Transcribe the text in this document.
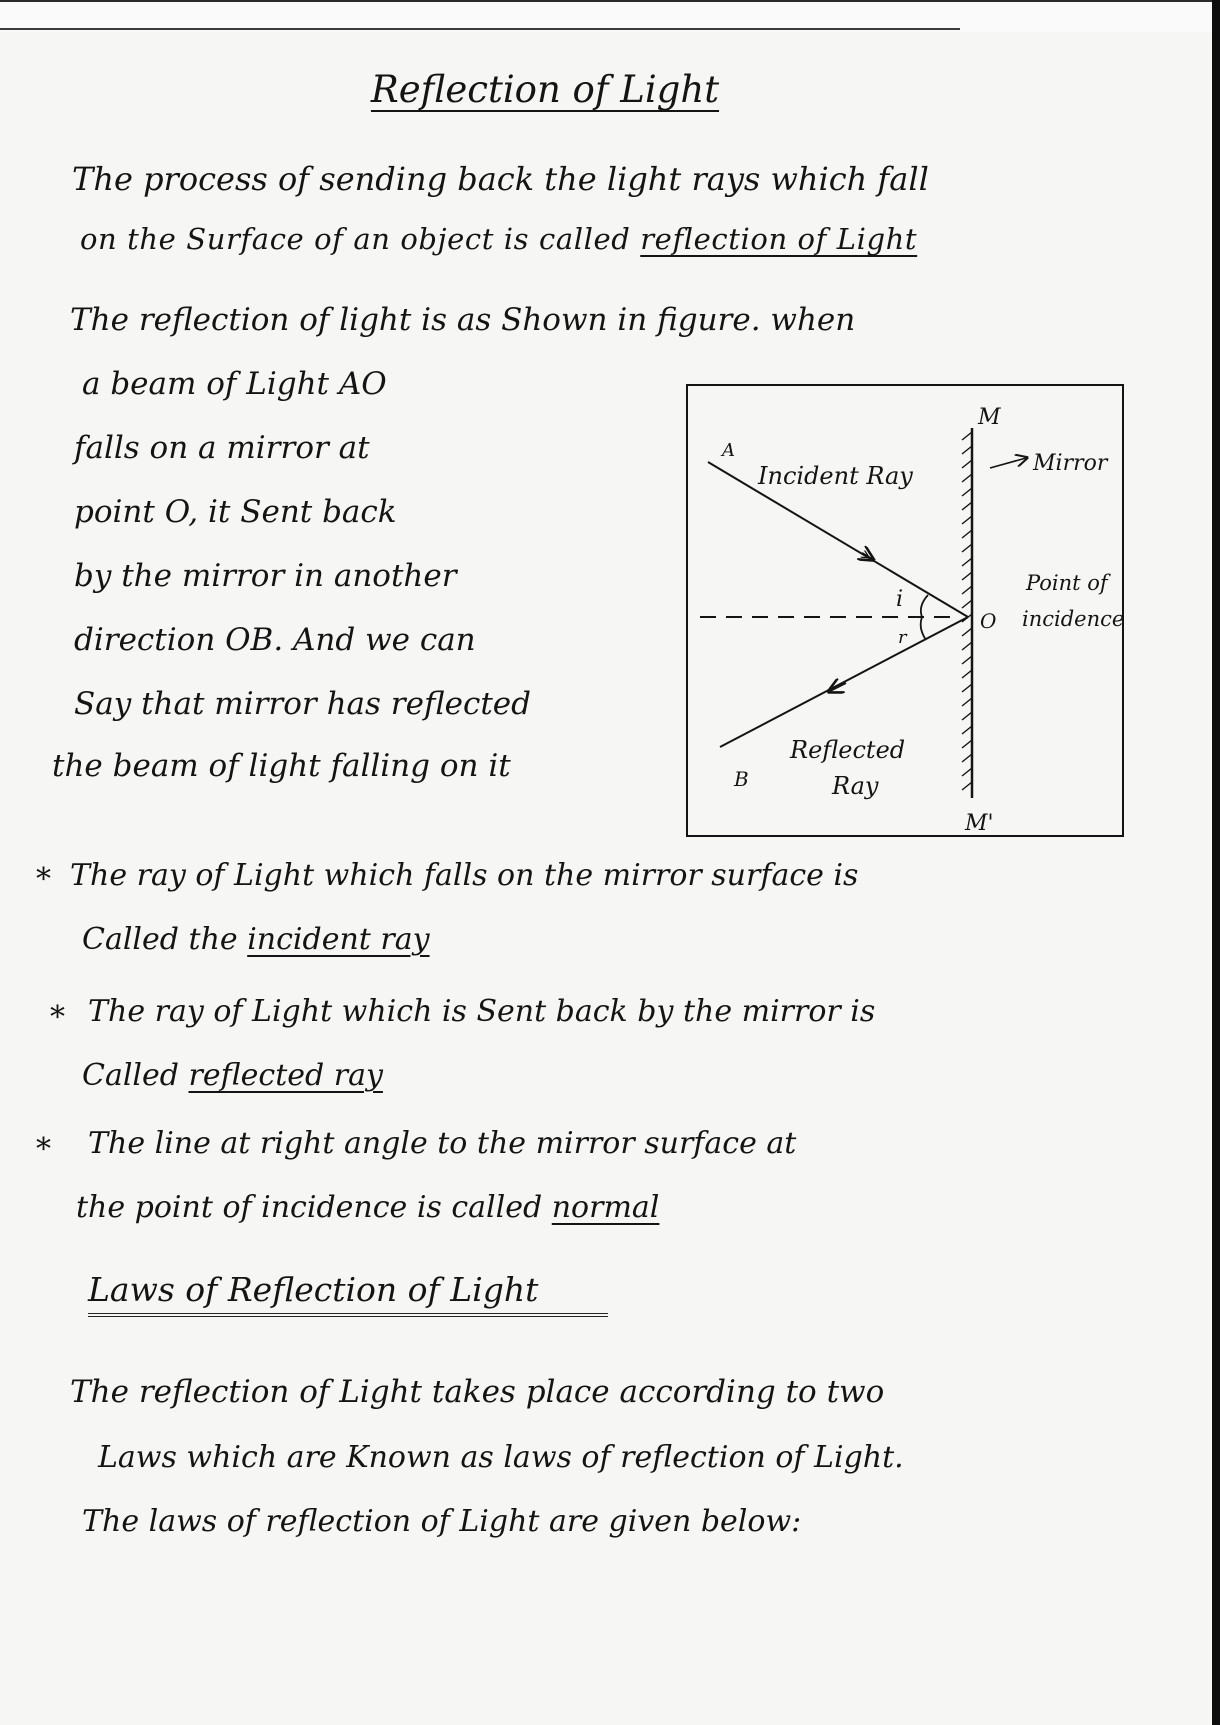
Reflection of Light
The process of sending back the light rays which fall
on the Surface of an object is called reflection of Light
The reflection of light is as Shown in figure. when
a beam of Light AO
falls on a mirror at
point O, it Sent back
by the mirror in another
direction OB. And we can
Say that mirror has reflected
the beam of light falling on it
M
M'
A
B
O
i
r
Incident Ray	Mirror
Point of
incidence
Reflected
Ray
* The ray of Light which falls on the mirror surface is
Called the incident ray
* The ray of Light which is Sent back by the mirror is
Called reflected ray
* The line at right angle to the mirror surface at
the point of incidence is called normal
Laws of Reflection of Light
The reflection of Light takes place according to two
Laws which are Known as laws of reflection of Light.
The laws of reflection of Light are given below:
